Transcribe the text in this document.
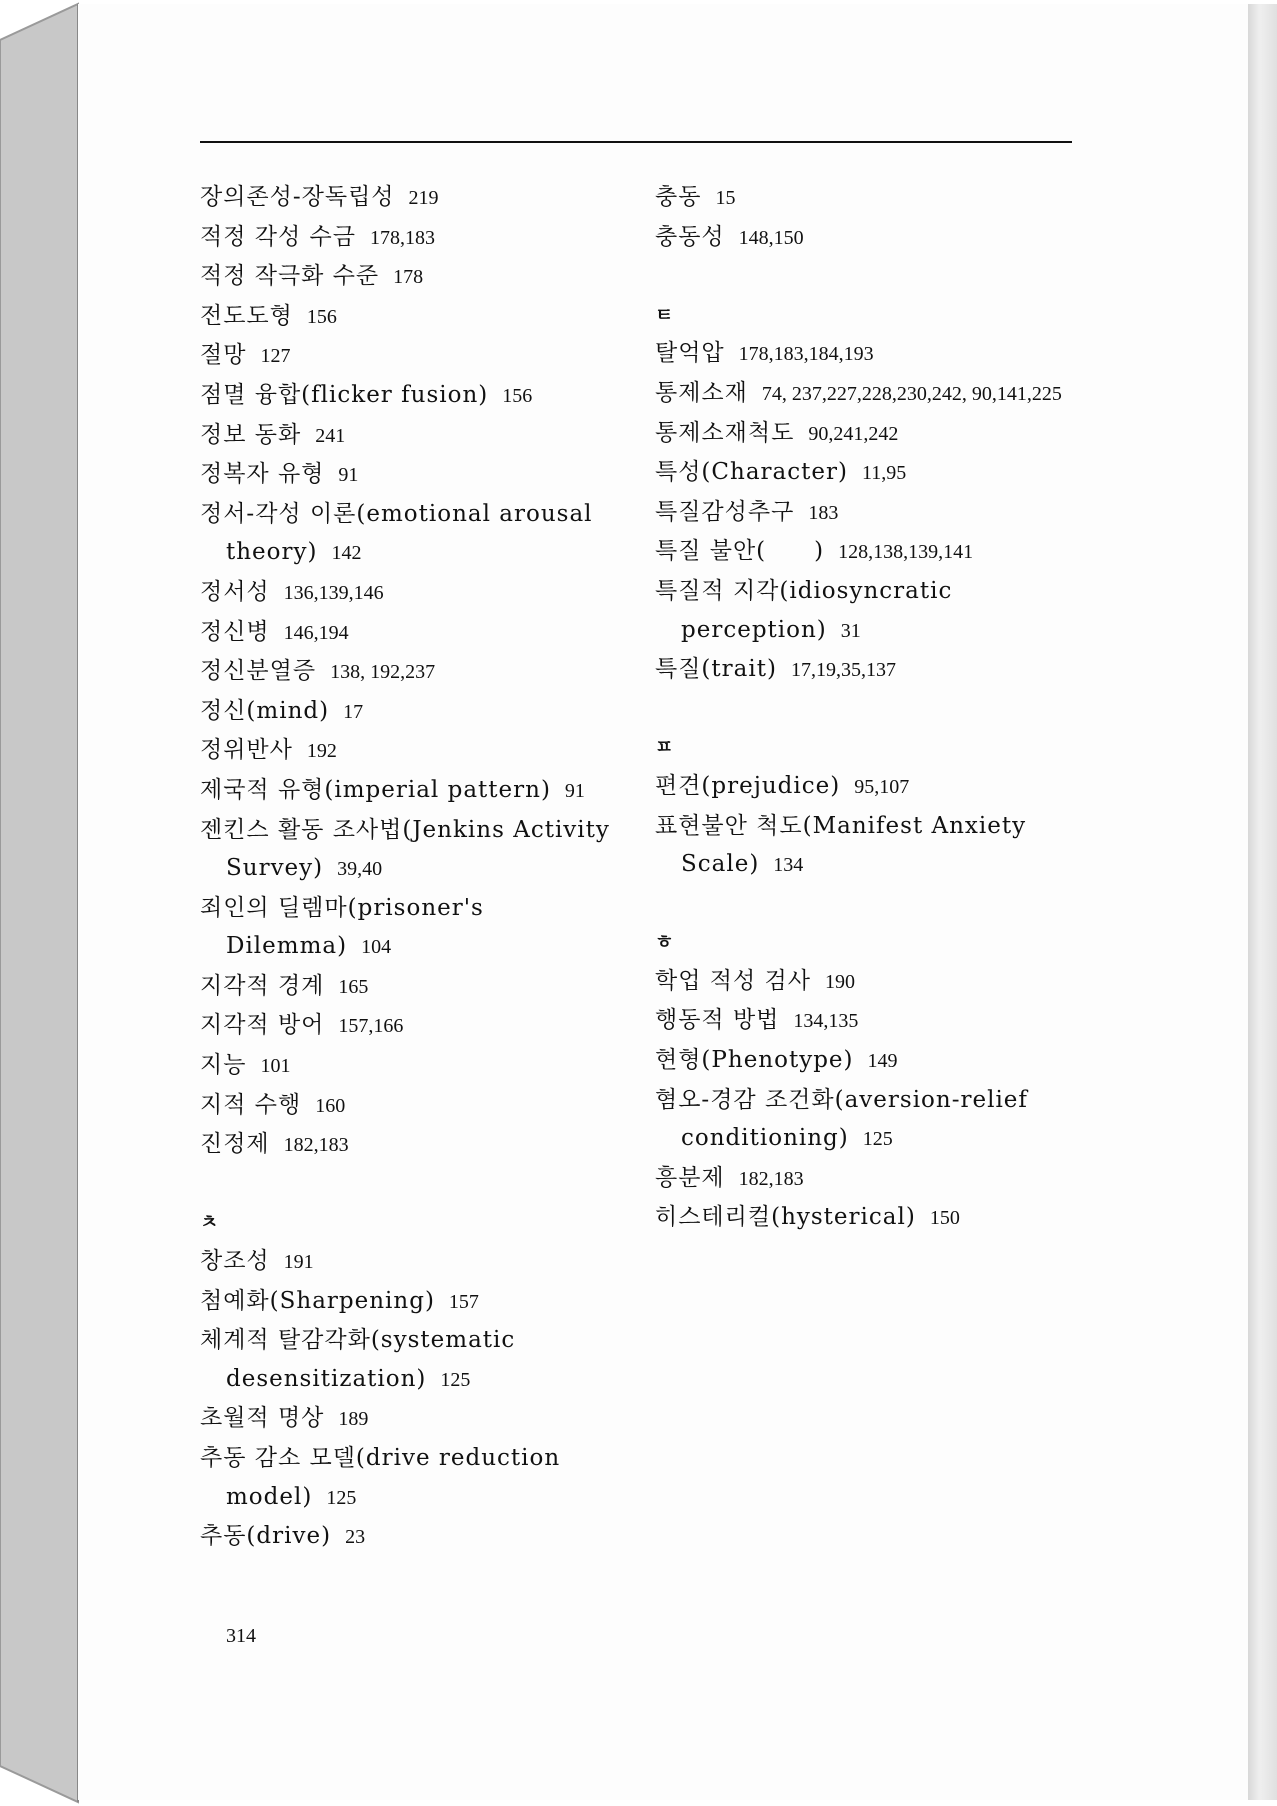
장의존성-장독립성 219

적정 각성 수금 178,183

적정 작극화 수준 178

전도도형 156

절망 127

점멸 융합(flicker fusion) 156

정보 동화 241

정복자 유형 91

정서-각성 이론(emotional arousal theory) 142

정서성 136,139,146

정신병 146,194

정신분열증 138, 192,237

정신(mind) 17

정위반사 192

제국적 유형(imperial pattern) 91

젠킨스 활동 조사법(Jenkins Activity Survey) 39,40

죄인의 딜렘마(prisoner's Dilemma) 104

지각적 경계 165

지각적 방어 157,166

지능 101

지적 수행 160

진정제 182,183

ㅊ

창조성 191

첨예화(Sharpening) 157

체계적 탈감각화(systematic desensitization) 125

초월적 명상 189

추동 감소 모델(drive reduction model) 125

추동(drive) 23

충동 15

충동성 148,150

ㅌ

탈억압 178,183,184,193

통제소재 74, 237,227,228,230,242, 90,141,225

통제소재척도 90,241,242

특성(Character) 11,95

특질감성추구 183

특질 불안(　　) 128,138,139,141

특질적 지각(idiosyncratic perception) 31

특질(trait) 17,19,35,137

ㅍ

편견(prejudice) 95,107

표현불안 척도(Manifest Anxiety Scale) 134

ㅎ

학업 적성 검사 190

행동적 방법 134,135

현형(Phenotype) 149

혐오-경감 조건화(aversion-relief conditioning) 125

흥분제 182,183

히스테리컬(hysterical) 150

314
